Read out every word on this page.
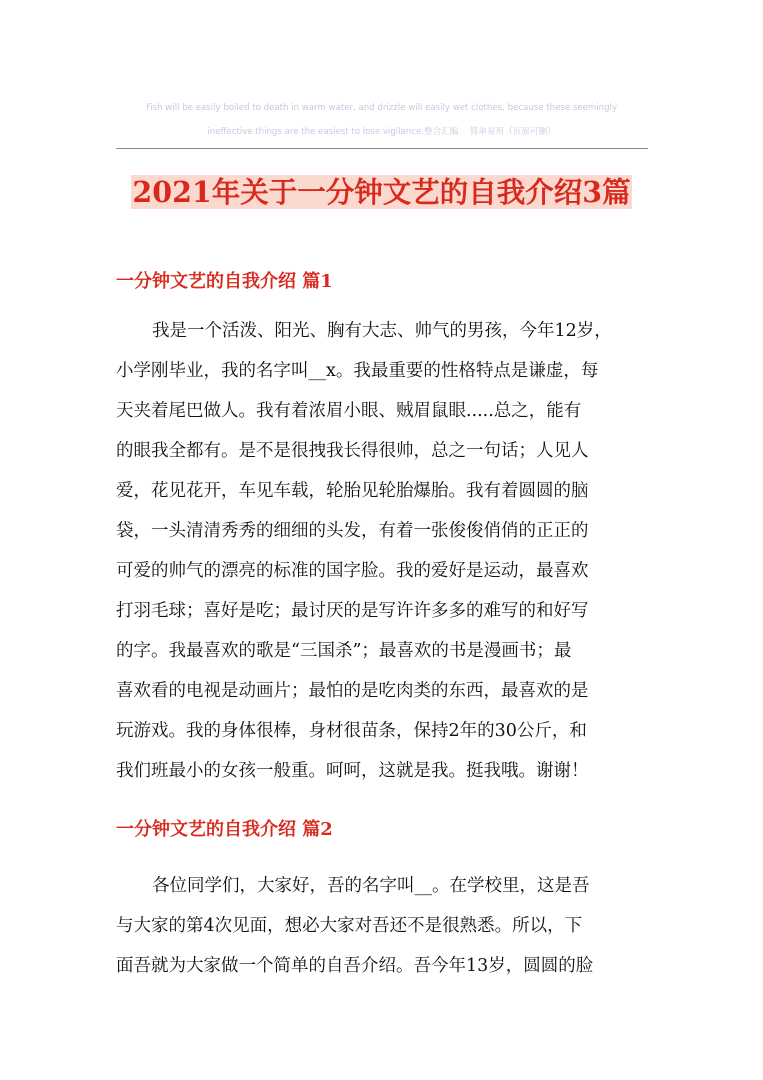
Fish will be easily boiled to death in warm water, and drizzle will easily wet clothes, because these seemingly
ineffective things are the easiest to lose vigilance.整合汇编　 简单易用（页眉可删）
2021年关于一分钟文艺的自我介绍3篇
一分钟文艺的自我介绍 篇1
我是一个活泼、阳光、胸有大志、帅气的男孩，今年12岁，
小学刚毕业，我的名字叫__x。我最重要的性格特点是谦虚，每
天夹着尾巴做人。我有着浓眉小眼、贼眉鼠眼.....总之，能有
的眼我全都有。是不是很拽我长得很帅，总之一句话；人见人
爱，花见花开，车见车载，轮胎见轮胎爆胎。我有着圆圆的脑
袋，一头清清秀秀的细细的头发，有着一张俊俊俏俏的正正的
可爱的帅气的漂亮的标准的国字脸。我的爱好是运动，最喜欢
打羽毛球；喜好是吃；最讨厌的是写许许多多的难写的和好写
的字。我最喜欢的歌是“三国杀”；最喜欢的书是漫画书；最
喜欢看的电视是动画片；最怕的是吃肉类的东西，最喜欢的是
玩游戏。我的身体很棒，身材很苗条，保持2年的30公斤，和
我们班最小的女孩一般重。呵呵，这就是我。挺我哦。谢谢！
一分钟文艺的自我介绍 篇2
各位同学们，大家好，吾的名字叫__。在学校里，这是吾
与大家的第4次见面，想必大家对吾还不是很熟悉。所以，下
面吾就为大家做一个简单的自吾介绍。吾今年13岁，圆圆的脸
